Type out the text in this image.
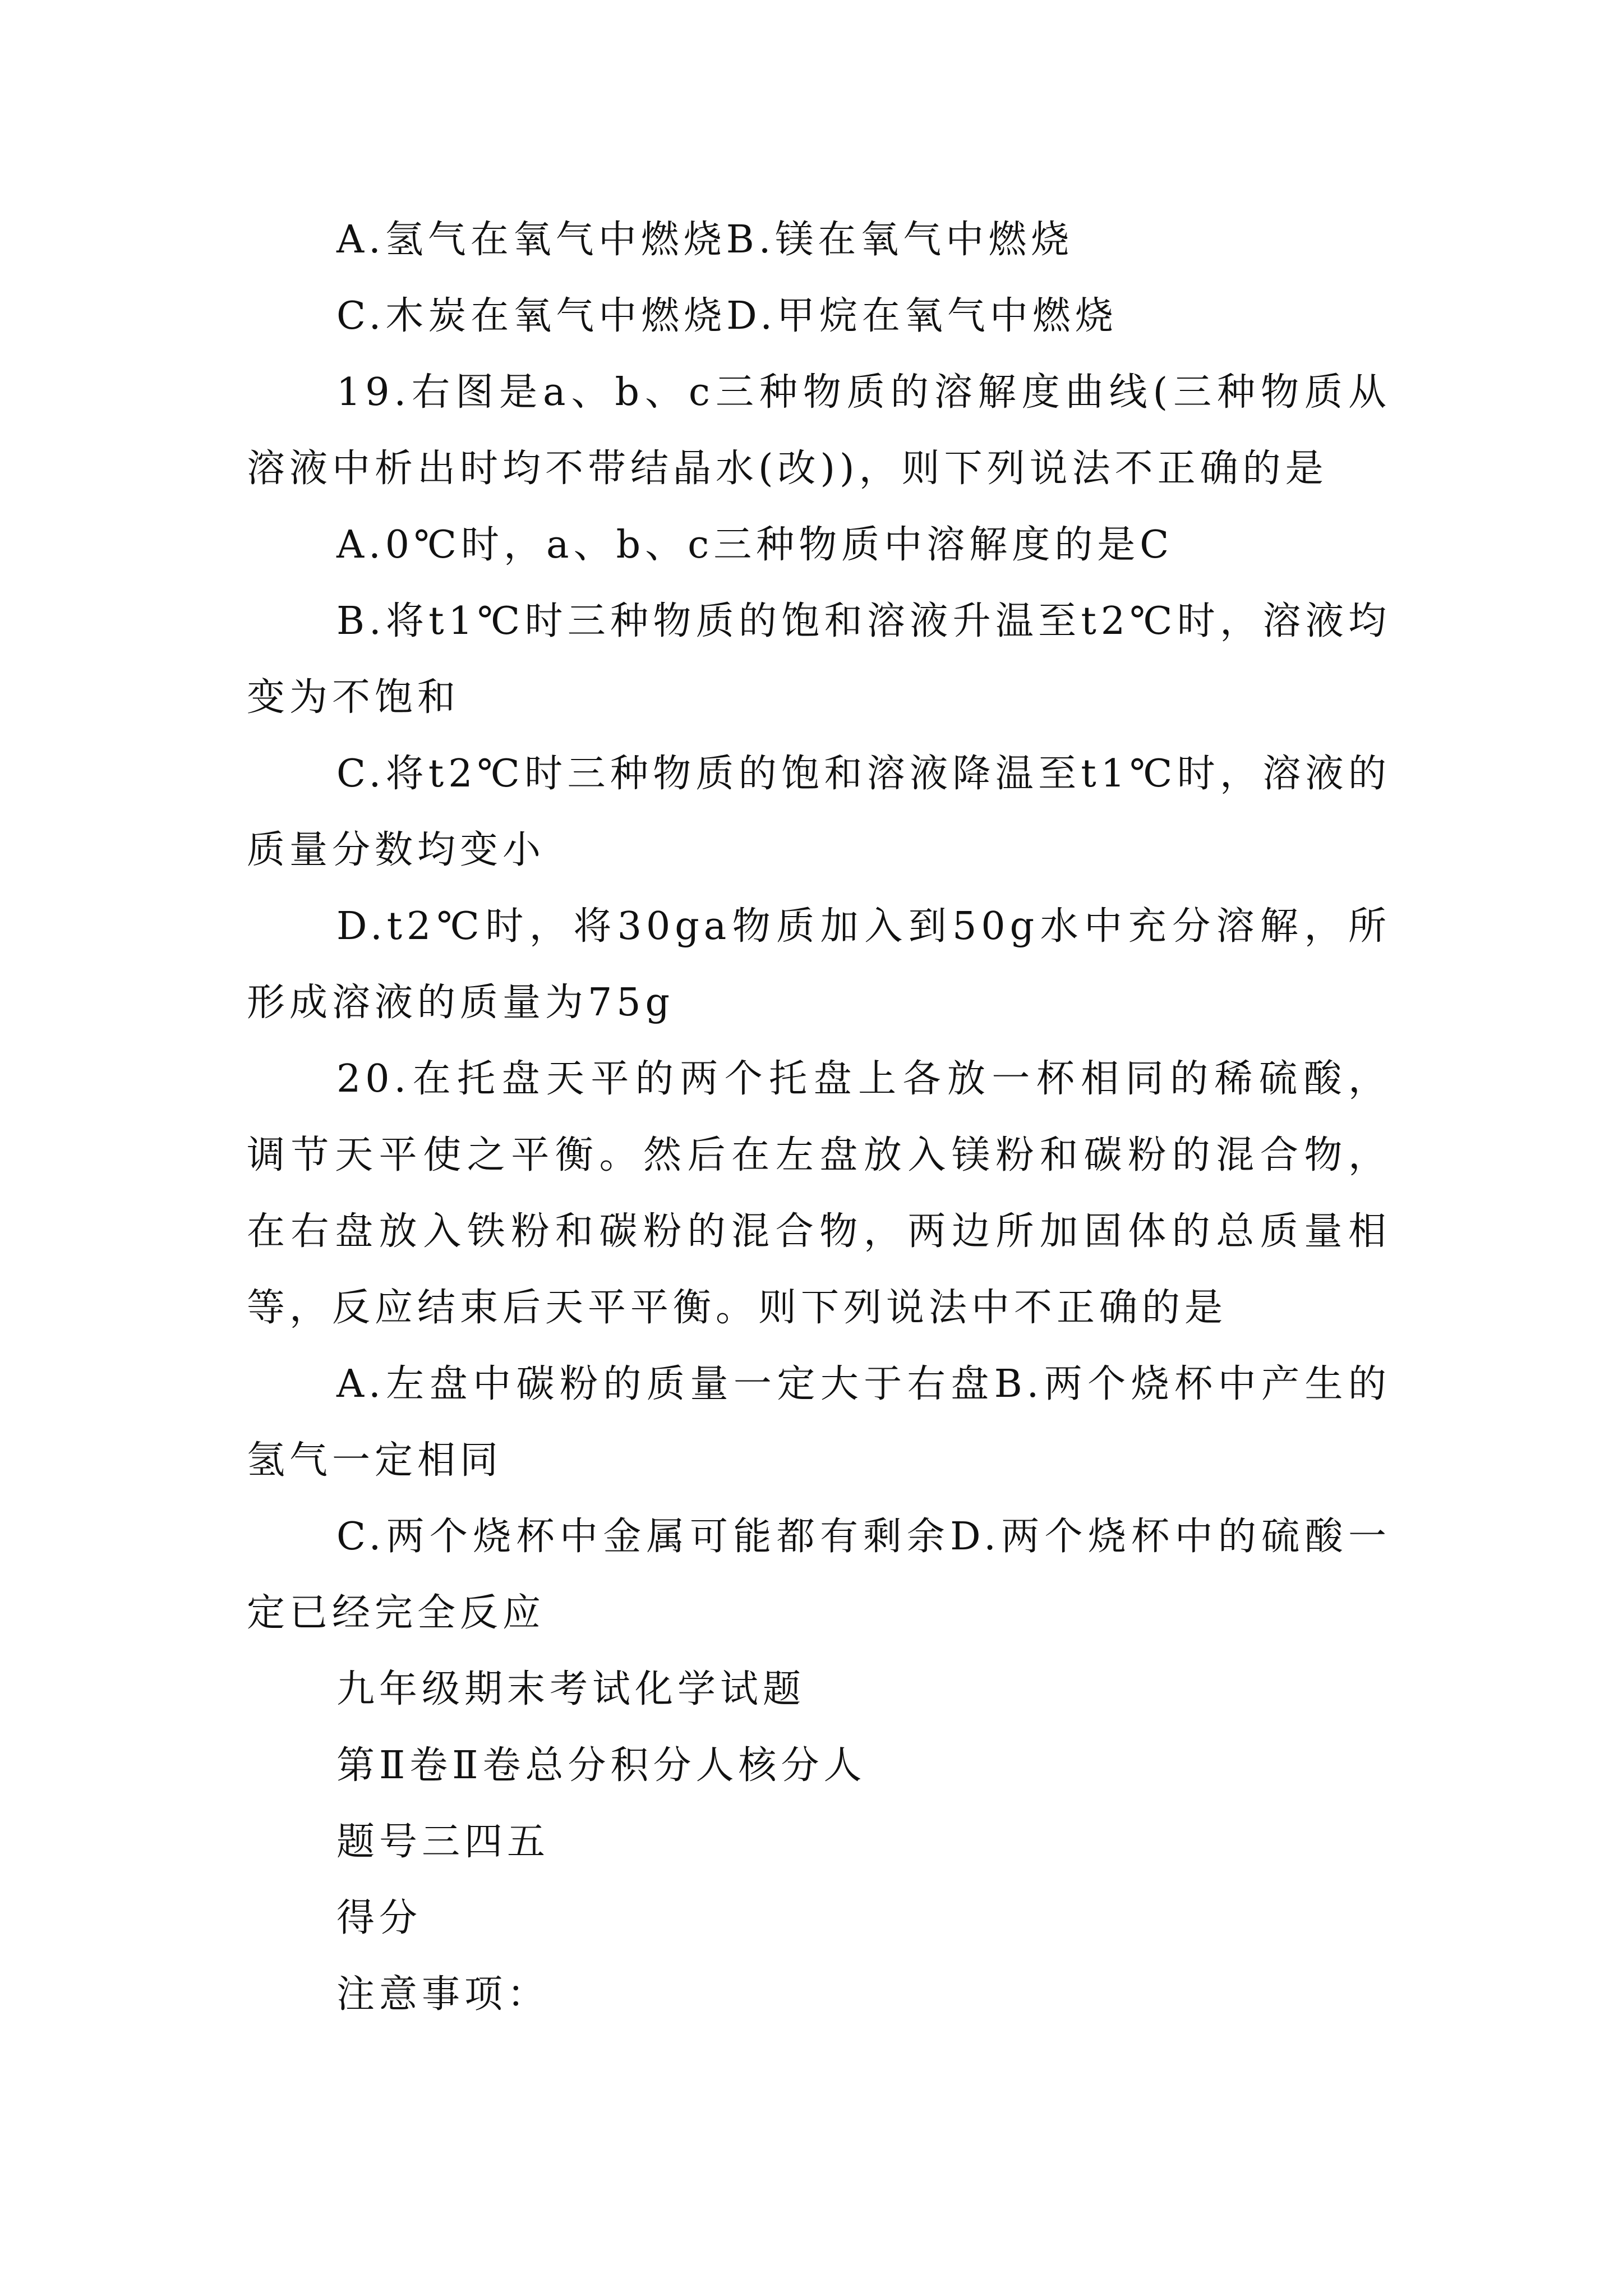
A.氢气在氧气中燃烧B.镁在氧气中燃烧

C.木炭在氧气中燃烧D.甲烷在氧气中燃烧

19.右图是a、b、c三种物质的溶解度曲线(三种物质从溶液中析出时均不带结晶水(改))，则下列说法不正确的是

A.0℃时，a、b、c三种物质中溶解度的是C

B.将t1℃时三种物质的饱和溶液升温至t2℃时，溶液均变为不饱和

C.将t2℃时三种物质的饱和溶液降温至t1℃时，溶液的质量分数均变小

D.t2℃时，将30ga物质加入到50g水中充分溶解，所形成溶液的质量为75g

20.在托盘天平的两个托盘上各放一杯相同的稀硫酸，调节天平使之平衡。然后在左盘放入镁粉和碳粉的混合物，在右盘放入铁粉和碳粉的混合物，两边所加固体的总质量相等，反应结束后天平平衡。则下列说法中不正确的是

A.左盘中碳粉的质量一定大于右盘B.两个烧杯中产生的氢气一定相同

C.两个烧杯中金属可能都有剩余D.两个烧杯中的硫酸一定已经完全反应

九年级期末考试化学试题

第Ⅱ卷Ⅱ卷总分积分人核分人

题号三四五

得分

注意事项：
